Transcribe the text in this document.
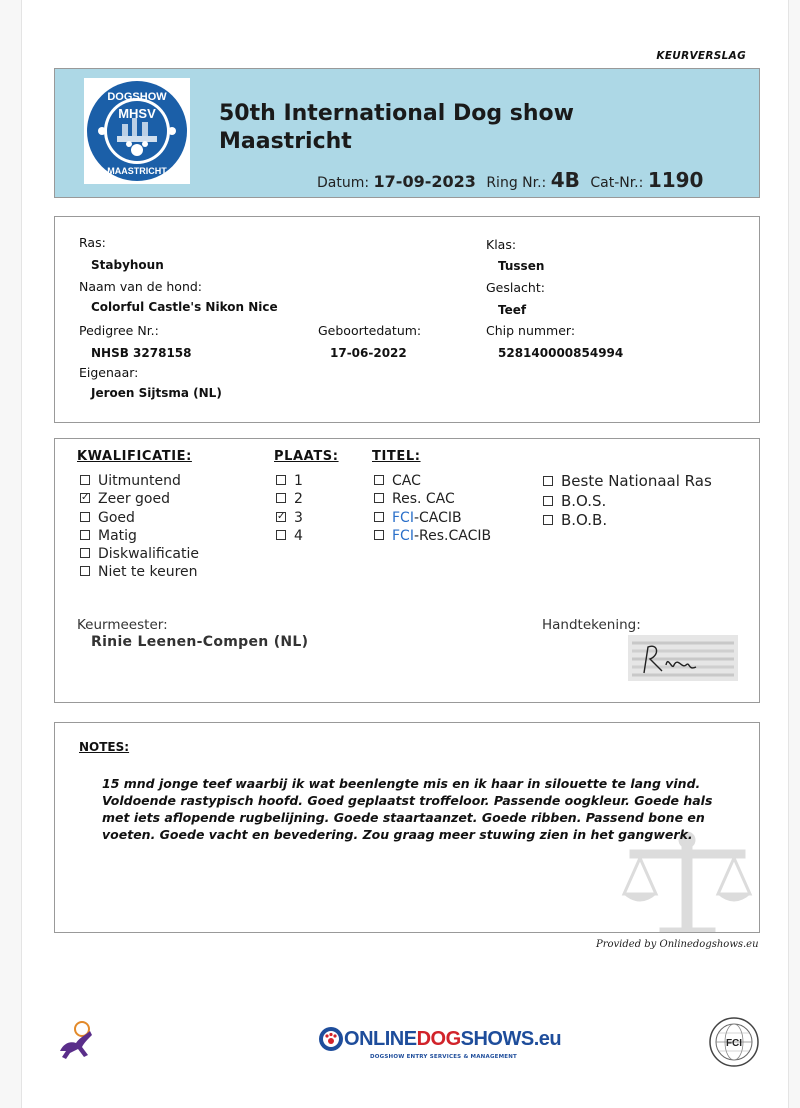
KEURVERSLAG
DOGSHOW
MHSV
MAASTRICHT
50th International Dog show
Maastricht
Datum: 17-09-2023 Ring Nr.: 4B Cat-Nr.: 1190
Ras:
Stabyhoun
Naam van de hond:
Colorful Castle's Nikon Nice
Pedigree Nr.:
NHSB 3278158
Geboortedatum:
17-06-2022
Eigenaar:
Jeroen Sijtsma (NL)
Klas:
Tussen
Geslacht:
Teef
Chip nummer:
528140000854994
KWALIFICATIE:
Uitmuntend
✓Zeer goed
Goed
Matig
Diskwalificatie
Niet te keuren
PLAATS:
1
2
✓3
4
TITEL:
CAC
Res. CAC
FCI-CACIB
FCI-Res.CACIB
Beste Nationaal Ras
B.O.S.
B.O.B.
Keurmeester:
Rinie Leenen-Compen (NL)
Handtekening:
NOTES:
15 mnd jonge teef waarbij ik wat beenlengte mis en ik haar in silouette te lang vind. Voldoende rastypisch hoofd. Goed geplaatst troffeloor. Passende oogkleur. Goede hals met iets aflopende rugbelijning. Goede staartaanzet. Goede ribben. Passend bone en voeten. Goede vacht en bevedering. Zou graag meer stuwing zien in het gangwerk.
Provided by Onlinedogshows.eu
ONLINEDOGSHOWS.eu
DOGSHOW ENTRY SERVICES & MANAGEMENT
FCI
